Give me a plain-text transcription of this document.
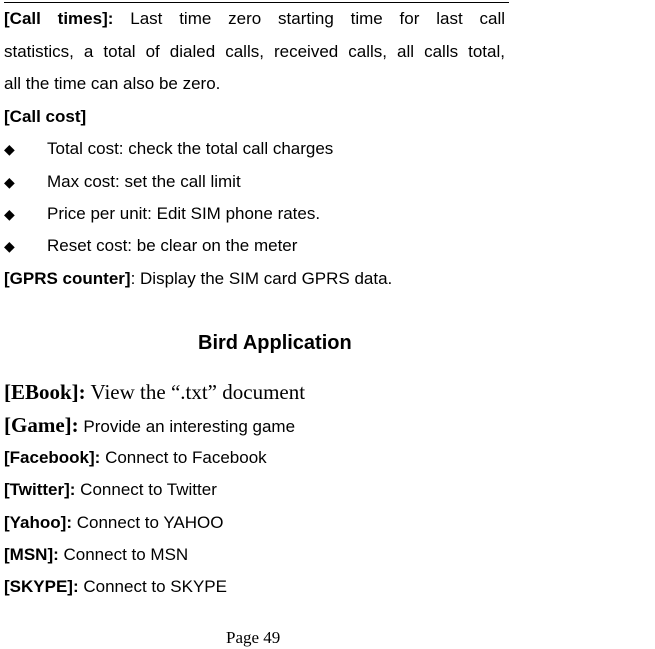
[Call times]: Last time zero starting time for last call
statistics, a total of dialed calls, received calls, all calls total,
all the time can also be zero.
[Call cost]
◆ Total cost: check the total call charges
◆ Max cost: set the call limit
◆ Price per unit: Edit SIM phone rates.
◆ Reset cost: be clear on the meter
[GPRS counter]: Display the SIM card GPRS data.
Bird Application
[EBook]: View the “.txt” document
[Game]: Provide an interesting game
[Facebook]: Connect to Facebook
[Twitter]: Connect to Twitter
[Yahoo]: Connect to YAHOO
[MSN]: Connect to MSN
[SKYPE]: Connect to SKYPE
Page 49
